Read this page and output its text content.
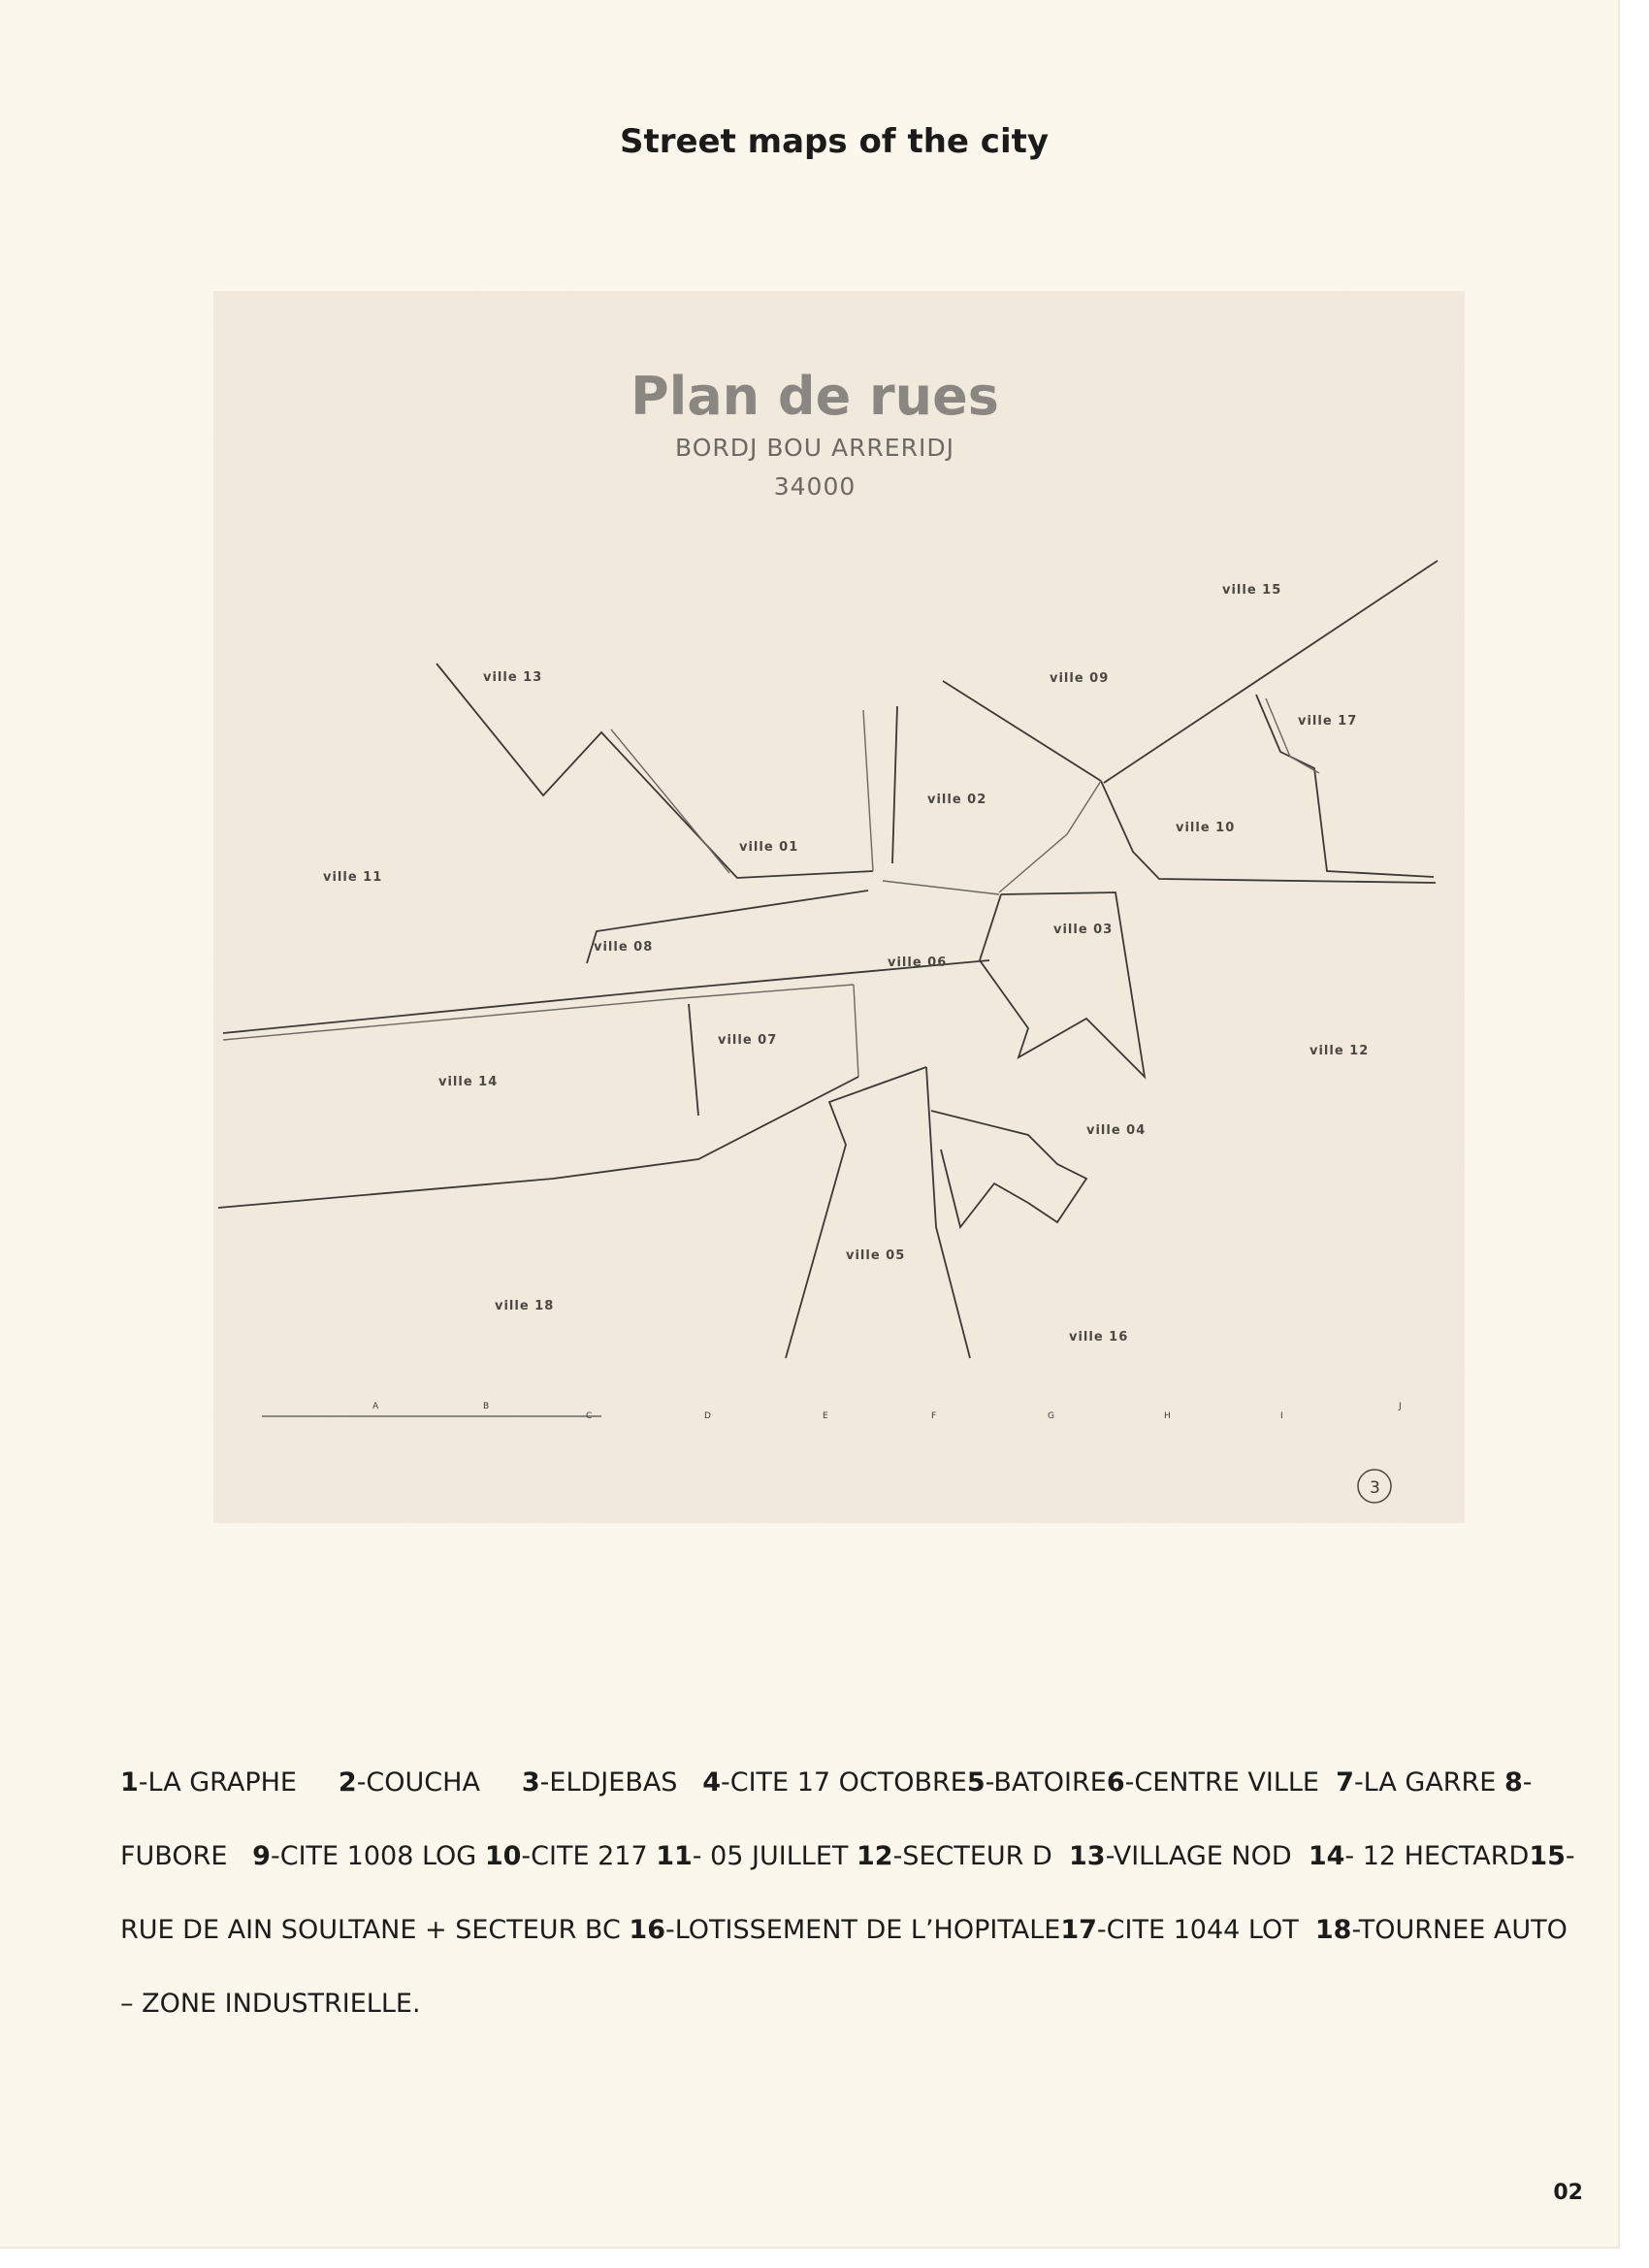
Street maps of the city
Plan de rues
BORDJ BOU ARRERIDJ
34000
ville 13	ville 09
ville 15
ville 17
ville 02
ville 10
ville 01
ville 11
ville 03
ville 08
ville 06
ville 07
ville 12
ville 14
ville 04
ville 05
ville 18
ville 16
A	B
C	D	E	F	G	H	I
J
3

1-LA GRAPHE 2-COUCHA 3-ELDJEBAS 4-CITE 17 OCTOBRE5-BATOIRE6-CENTRE VILLE 7-LA GARRE 8-FUBORE 9-CITE 1008 LOG 10-CITE 217 11- 05 JUILLET 12-SECTEUR D 13-VILLAGE NOD 14- 12 HECTARD15-RUE DE AIN SOULTANE + SECTEUR BC 16-LOTISSEMENT DE L’HOPITALE17-CITE 1044 LOT 18-TOURNEE AUTO – ZONE INDUSTRIELLE.

02
